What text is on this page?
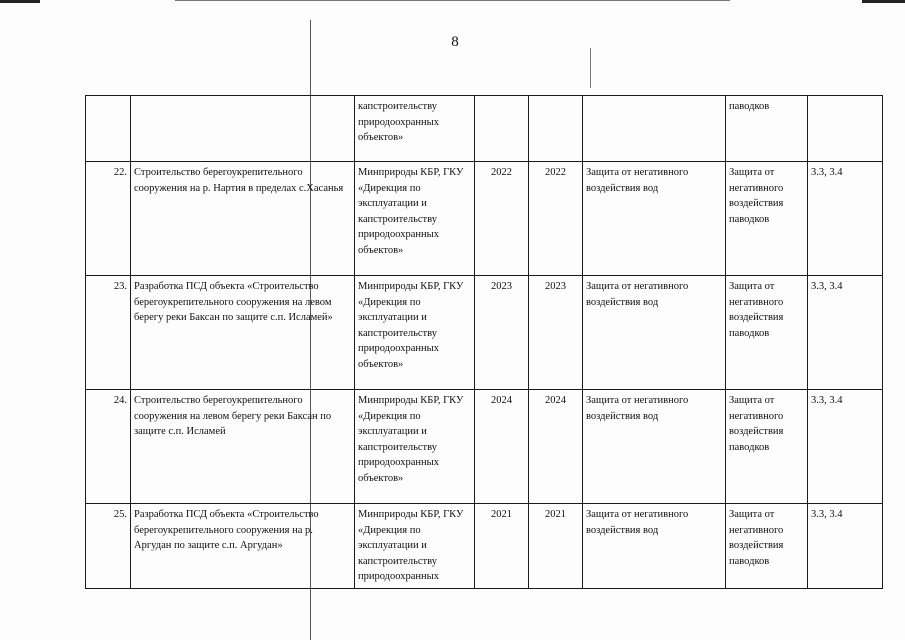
8
		капстроительству природоохранных объектов»				паводков	
22.	Строительство берегоукрепительного сооружения на р. Нартия в пределах с.Хасанья	Минприроды КБР, ГКУ «Дирекция по эксплуатации и капстроительству природоохранных объектов»	2022	2022	Защита от негативного воздействия вод	Защита от негативного воздействия паводков	3.3, 3.4
23.	Разработка ПСД объекта «Строительство берегоукрепительного сооружения на левом берегу реки Баксан по защите с.п. Исламей»	Минприроды КБР, ГКУ «Дирекция по эксплуатации и капстроительству природоохранных объектов»	2023	2023	Защита от негативного воздействия вод	Защита от негативного воздействия паводков	3.3, 3.4
24.	Строительство берегоукрепительного сооружения на левом берегу реки Баксан по защите с.п. Исламей	Минприроды КБР, ГКУ «Дирекция по эксплуатации и капстроительству природоохранных объектов»	2024	2024	Защита от негативного воздействия вод	Защита от негативного воздействия паводков	3.3, 3.4
25.	Разработка ПСД объекта «Строительство берегоукрепительного сооружения на р. Аргудан по защите с.п. Аргудан»	Минприроды КБР, ГКУ «Дирекция по эксплуатации и капстроительству природоохранных	2021	2021	Защита от негативного воздействия вод	Защита от негативного воздействия паводков	3.3, 3.4
